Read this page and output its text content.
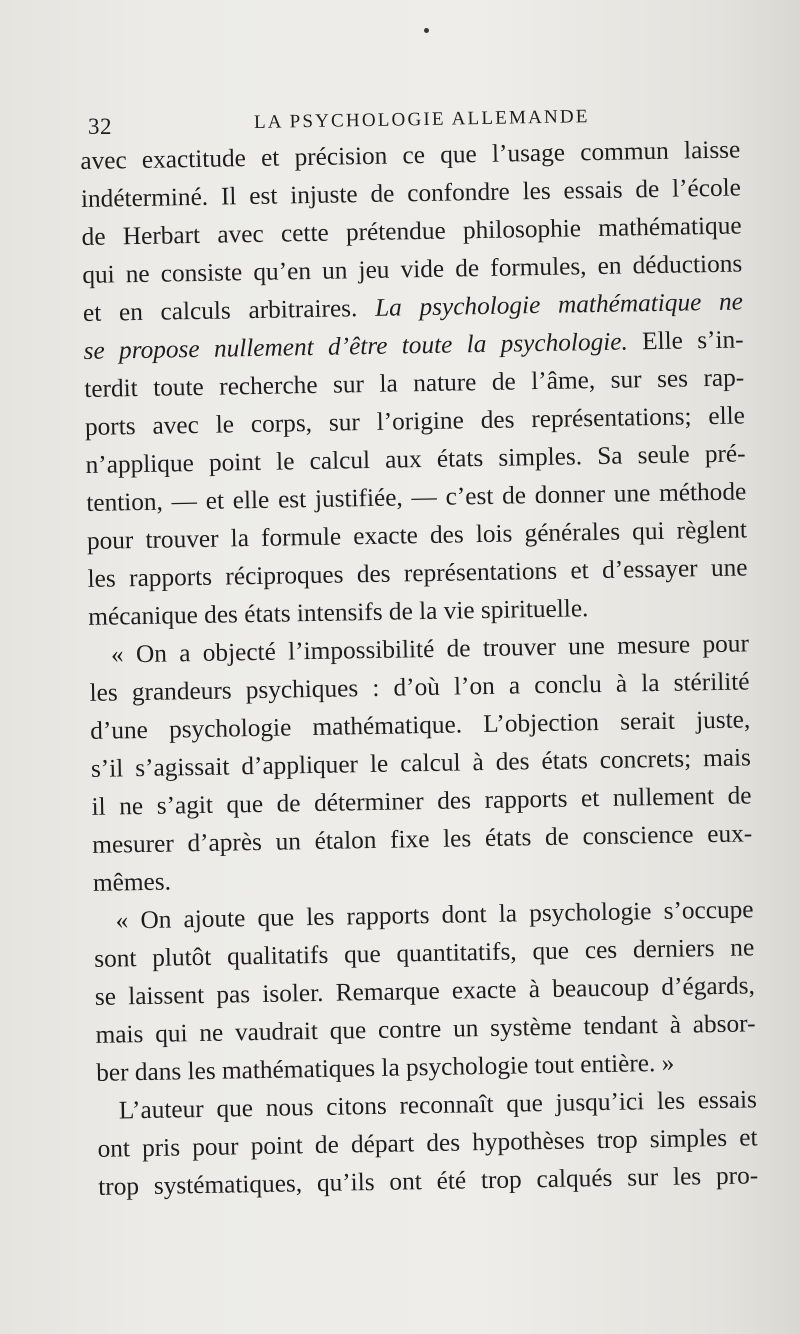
32	LA PSYCHOLOGIE ALLEMANDE
avec exactitude et précision ce que l’usage commun laisse
indéterminé. Il est injuste de confondre les essais de l’école
de Herbart avec cette prétendue philosophie mathématique
qui ne consiste qu’en un jeu vide de formules, en déductions
et en calculs arbitraires. La psychologie mathématique ne
se propose nullement d’être toute la psychologie. Elle s’in-
terdit toute recherche sur la nature de l’âme, sur ses rap-
ports avec le corps, sur l’origine des représentations; elle
n’applique point le calcul aux états simples. Sa seule pré-
tention, — et elle est justifiée, — c’est de donner une méthode
pour trouver la formule exacte des lois générales qui règlent
les rapports réciproques des représentations et d’essayer une
mécanique des états intensifs de la vie spirituelle.
« On a objecté l’impossibilité de trouver une mesure pour
les grandeurs psychiques : d’où l’on a conclu à la stérilité
d’une psychologie mathématique. L’objection serait juste,
s’il s’agissait d’appliquer le calcul à des états concrets; mais
il ne s’agit que de déterminer des rapports et nullement de
mesurer d’après un étalon fixe les états de conscience eux-
mêmes.
« On ajoute que les rapports dont la psychologie s’occupe
sont plutôt qualitatifs que quantitatifs, que ces derniers ne
se laissent pas isoler. Remarque exacte à beaucoup d’égards,
mais qui ne vaudrait que contre un système tendant à absor-
ber dans les mathématiques la psychologie tout entière. »
L’auteur que nous citons reconnaît que jusqu’ici les essais
ont pris pour point de départ des hypothèses trop simples et
trop systématiques, qu’ils ont été trop calqués sur les pro-
